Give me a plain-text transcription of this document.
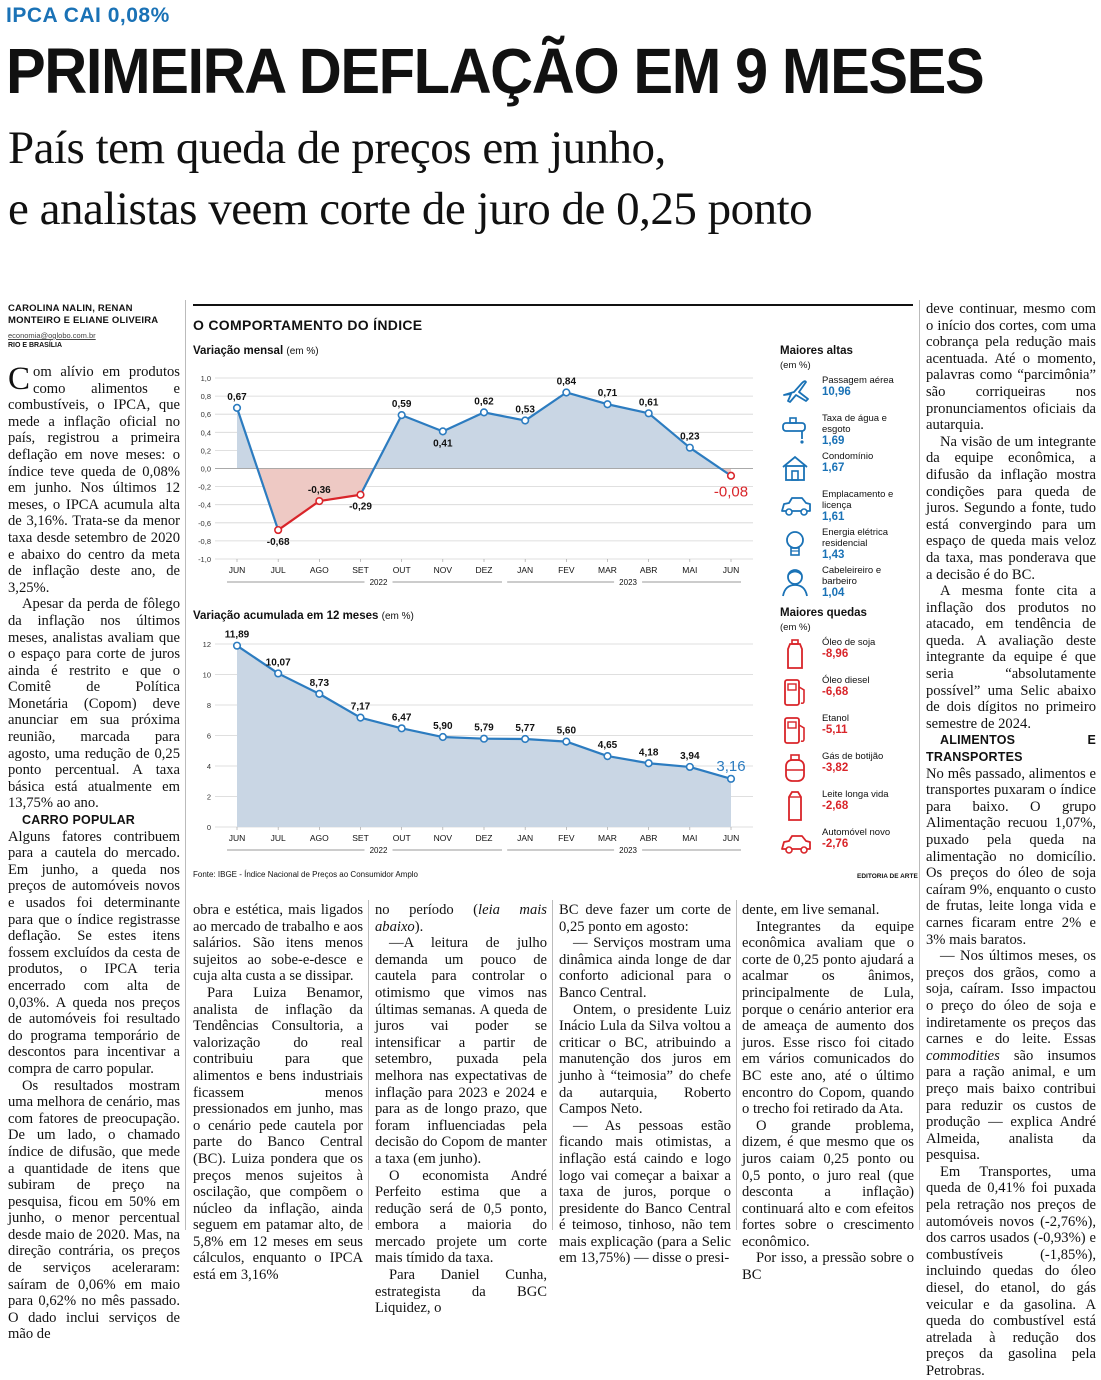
IPCA CAI 0,08%
PRIMEIRA DEFLAÇÃO EM 9 MESES
País tem queda de preços em junho,
e analistas veem corte de juro de 0,25 ponto
CAROLINA NALIN, RENAN MONTEIRO E ELIANE OLIVEIRA
economia@oglobo.com.br
RIO E BRASÍLIA

Com alívio em produtos como alimentos e combustíveis, o IPCA, que mede a inflação oficial no país, registrou a primeira deflação em nove meses: o índice teve queda de 0,08% em junho. Nos últimos 12 meses, o IPCA acumula alta de 3,16%. Trata-se da menor taxa desde setembro de 2020 e abaixo do centro da meta de inflação deste ano, de 3,25%.

Apesar da perda de fôlego da inflação nos últimos meses, analistas avaliam que o espaço para corte de juros ainda é restrito e que o Comitê de Política Monetária (Copom) deve anunciar em sua próxima reunião, marcada para agosto, uma redução de 0,25 ponto percentual. A taxa básica está atualmente em 13,75% ao ano.

CARRO POPULAR

Alguns fatores contribuem para a cautela do mercado. Em junho, a queda nos preços de automóveis novos e usados foi determinante para que o índice registrasse deflação. Se estes itens fossem excluídos da cesta de produtos, o IPCA teria encerrado com alta de 0,03%. A queda nos preços de automóveis foi resultado do programa temporário de descontos para incentivar a compra de carro popular.

Os resultados mostram uma melhora de cenário, mas com fatores de preocupação. De um lado, o chamado índice de difusão, que mede a quantidade de itens que subiram de preço na pesquisa, ficou em 50% em junho, o menor percentual desde maio de 2020. Mas, na direção contrária, os preços de serviços aceleraram: saíram de 0,06% em maio para 0,62% no mês passado. O dado inclui serviços de mão de

obra e estética, mais ligados ao mercado de trabalho e aos salários. São itens menos sujeitos ao sobe-e-desce e cuja alta custa a se dissipar.

Para Luiza Benamor, analista de inflação da Tendências Consultoria, a valorização do real contribuiu para que alimentos e bens industriais ficassem menos pressionados em junho, mas o cenário pede cautela por parte do Banco Central (BC). Luiza pondera que os preços menos sujeitos à oscilação, que compõem o núcleo da inflação, ainda seguem em patamar alto, de 5,8% em 12 meses em seus cálculos, enquanto o IPCA está em 3,16%

no período (leia mais abaixo).

—A leitura de julho demanda um pouco de cautela para controlar o otimismo que vimos nas últimas semanas. A queda de juros vai poder se intensificar a partir de setembro, puxada pela melhora nas expectativas de inflação para 2023 e 2024 e para as de longo prazo, que foram influenciadas pela decisão do Copom de manter a taxa (em junho).

O economista André Perfeito estima que a redução será de 0,5 ponto, embora a maioria do mercado projete um corte mais tímido da taxa.

Para Daniel Cunha, estrategista da BGC Liquidez, o

BC deve fazer um corte de 0,25 ponto em agosto:

— Serviços mostram uma dinâmica ainda longe de dar conforto adicional para o Banco Central.

Ontem, o presidente Luiz Inácio Lula da Silva voltou a criticar o BC, atribuindo a manutenção dos juros em junho à “teimosia” do chefe da autarquia, Roberto Campos Neto.

— As pessoas estão ficando mais otimistas, a inflação está caindo e logo logo vai começar a baixar a taxa de juros, porque o presidente do Banco Central é teimoso, tinhoso, não tem mais explicação (para a Selic em 13,75%) — disse o presi-

dente, em live semanal.

Integrantes da equipe econômica avaliam que o corte de 0,25 ponto ajudará a acalmar os ânimos, principalmente de Lula, porque o cenário anterior era de ameaça de aumento dos juros. Esse risco foi citado em vários comunicados do BC este ano, até o último encontro do Copom, quando o trecho foi retirado da Ata.

O grande problema, dizem, é que mesmo que os juros caiam 0,25 ponto ou 0,5 ponto, o juro real (que desconta a inflação) continuará alto e com efeitos fortes sobre o crescimento econômico.

Por isso, a pressão sobre o BC

deve continuar, mesmo com o início dos cortes, com uma cobrança pela redução mais acentuada. Até o momento, palavras como “parcimônia” são corriqueiras nos pronunciamentos oficiais da autarquia.

Na visão de um integrante da equipe econômica, a difusão da inflação mostra condições para queda de juros. Segundo a fonte, tudo está convergindo para um espaço de queda mais veloz da taxa, mas ponderava que a decisão é do BC.

A mesma fonte cita a inflação dos produtos no atacado, em tendência de queda. A avaliação deste integrante da equipe é que seria “absolutamente possível” uma Selic abaixo de dois dígitos no primeiro semestre de 2024.

ALIMENTOS E TRANSPORTES

No mês passado, alimentos e transportes puxaram o índice para baixo. O grupo Alimentação recuou 1,07%, puxado pela queda na alimentação no domicílio. Os preços do óleo de soja caíram 9%, enquanto o custo de frutas, leite longa vida e carnes ficaram entre 2% e 3% mais baratos.

— Nos últimos meses, os preços dos grãos, como a soja, caíram. Isso impactou o preço do óleo de soja e indiretamente os preços das carnes e do leite. Essas commodities são insumos para a ração animal, e um preço mais baixo contribui para reduzir os custos de produção — explica André Almeida, analista da pesquisa.

Em Transportes, uma queda de 0,41% foi puxada pela retração nos preços de automóveis novos (-2,76%), dos carros usados (-0,93%) e combustíveis (-1,85%), incluindo quedas do óleo diesel, do etanol, do gás veicular e da gasolina. A queda do combustível está atrelada à redução dos preços da gasolina pela Petrobras.

O COMPORTAMENTO DO ÍNDICE
Variação mensal (em %)
Variação acumulada em 12 meses (em %)
1,0
0,8
0,6
0,4
0,2
0,0
-0,2
-0,4
-0,6
-0,8
-1,0
0,67
-0,68
-0,36
-0,29
0,59
0,41
0,62
0,53
0,84
0,71
0,61
0,23
-0,08
JUN	JUL	AGO	SET	OUT	NOV	DEZ	JAN	FEV	MAR	ABR	MAI	JUN
2022	2023
12
10
8
6
4
2
0
11,89
10,07
8,73
7,17
6,47
5,90 5,79 5,77 5,60
4,65
4,18 3,94
3,16
JUN	JUL	AGO	SET	OUT	NOV	DEZ	JAN	FEV	MAR	ABR	MAI	JUN
2022	2023
Maiores altas
(em %)
Passagem aérea
10,96
Taxa de água e esgoto
1,69
Condomínio
1,67
Emplacamento e licença
1,61
Energia elétrica residencial
1,43
Cabeleireiro e barbeiro
1,04
Maiores quedas
(em %)
Óleo de soja
-8,96
Óleo diesel
-6,68
Etanol
-5,11
Gás de botijão
-3,82
Leite longa vida
-2,68
Automóvel novo
-2,76
Fonte: IBGE - Índice Nacional de Preços ao Consumidor Amplo	EDITORIA DE ARTE
